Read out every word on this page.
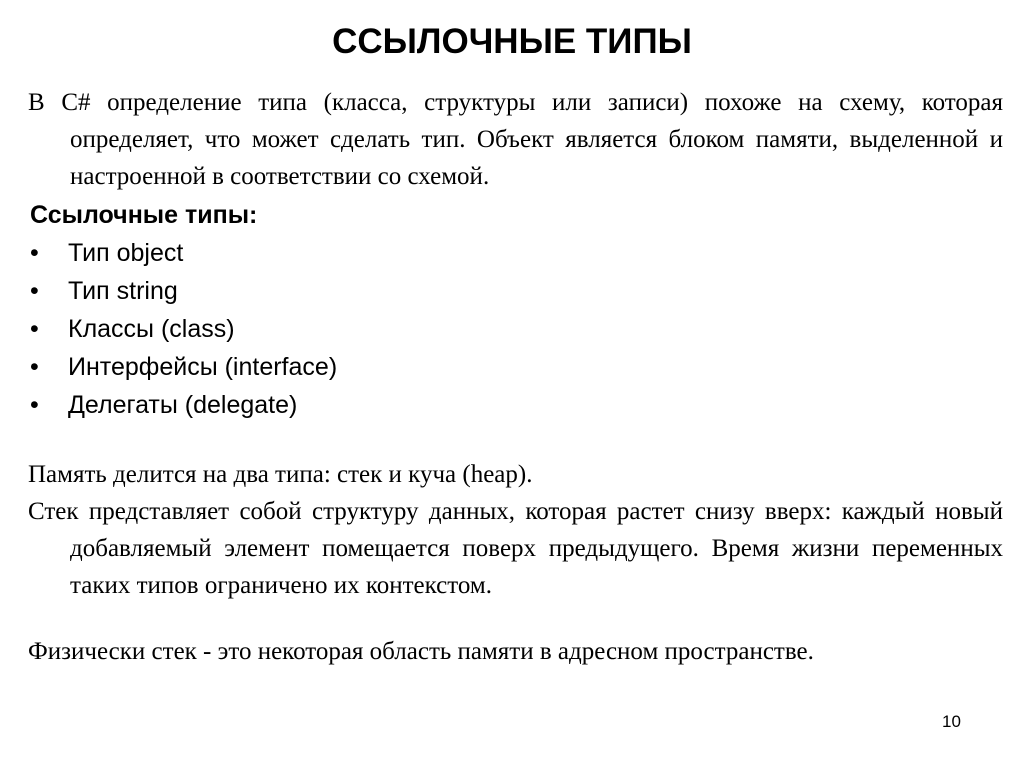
ССЫЛОЧНЫЕ ТИПЫ

В C# определение типа (класса, структуры или записи) похоже на схему, которая определяет, что может сделать тип. Объект является блоком памяти, выделенной и настроенной в соответствии со схемой.

Ссылочные типы:
•	Тип object
•	Тип string
•	Классы (class)
•	Интерфейсы (interface)
•	Делегаты (delegate)

Память делится на два типа: стек и куча (heap).

Стек представляет собой структуру данных, которая растет снизу вверх: каждый новый добавляемый элемент помещается поверх предыдущего. Время жизни переменных таких типов ограничено их контекстом.

Физически стек - это некоторая область памяти в адресном пространстве.

10
